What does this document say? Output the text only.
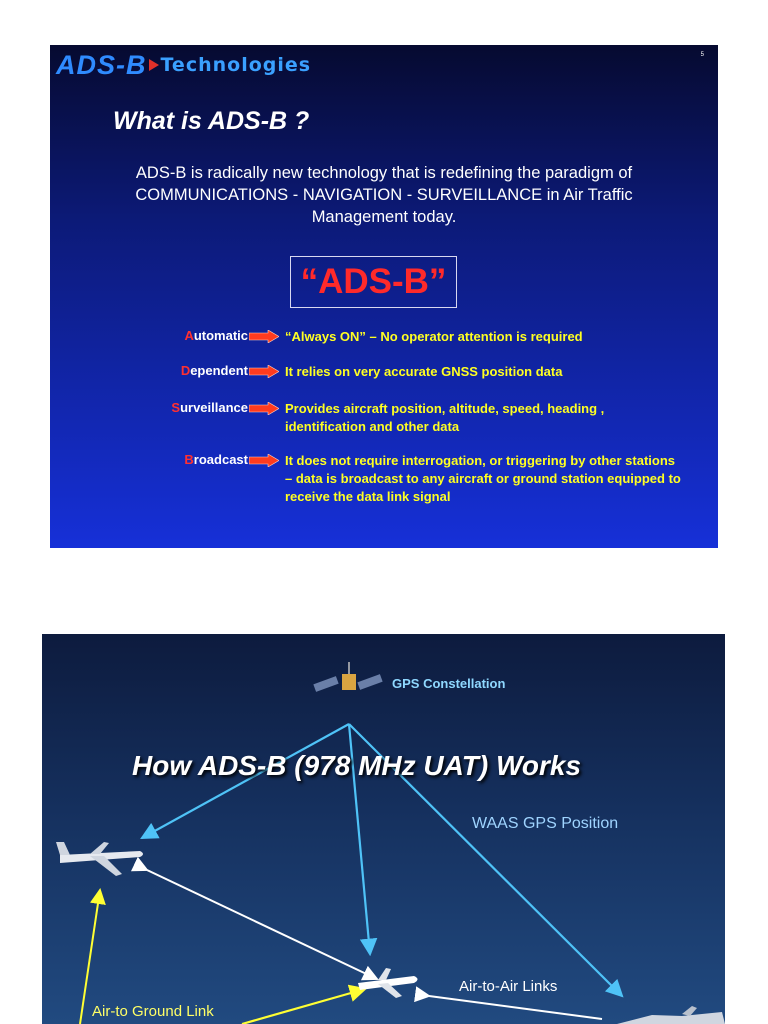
ADS-B Technologies	5
What is ADS-B ?
ADS-B is radically new technology that is redefining the paradigm of
COMMUNICATIONS - NAVIGATION - SURVEILLANCE in Air Traffic
Management today.
“ADS-B”
Automatic	“Always ON” – No operator attention is required
Dependent	It relies on very accurate GNSS position data
Surveillance	Provides aircraft position, altitude, speed, heading , identification and other data
Broadcast	It does not require interrogation, or triggering by other stations – data is broadcast to any aircraft or ground station equipped to receive the data link signal
GPS Constellation
How ADS-B (978 MHz UAT) Works
WAAS GPS Position
Air-to-Air Links
Air-to Ground Link
